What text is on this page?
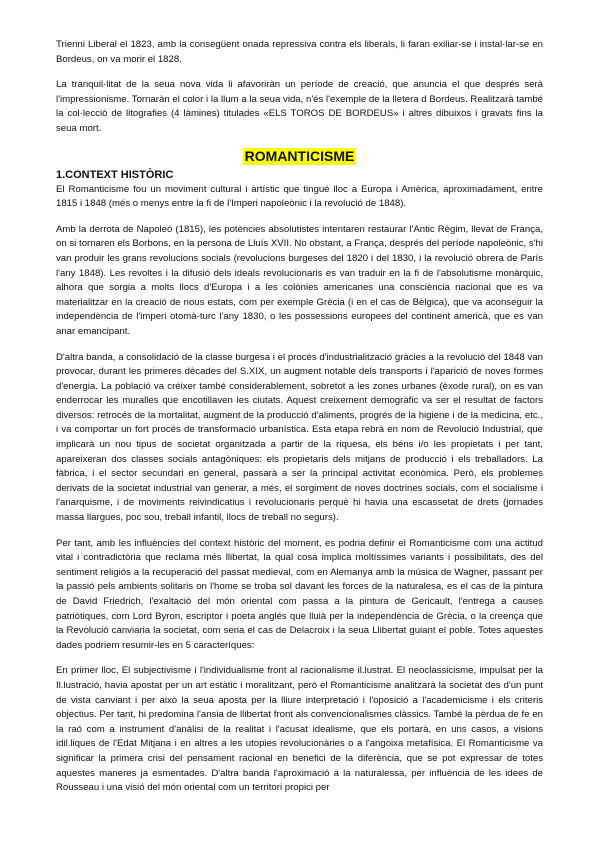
Trienni Liberal el 1823, amb la consegüent onada repressiva contra els liberals, li faran exiliar-se i instal·lar-se en Bordeus, on va morir el 1828.

La tranquil·litat de la seua nova vida li afavoriràn un període de creació, que anuncia el que després serà l'impressionisme. Tornaràn el color i la llum a la seua vida, n'és l'exemple de la lletera d Bordeus. Realitzarà també la col·lecció de litografies (4 làmines) titulades «ELS TOROS DE BORDEUS» i altres dibuixos i gravats fins la seua mort.

ROMANTICISME
1.CONTEXT HISTÒRIC

El Romanticisme fou un moviment cultural i artístic que tingué lloc a Europa i Amèrica, aproximadament, entre 1815 i 1848 (més o menys entre la fi de l'Imperi napoleònic i la revolució de 1848).

Amb la derrota de Napoleó (1815), les potències absolutistes intentaren restaurar l'Antic Règim, llevat de França, on si tornaren els Borbons, en la persona de Lluís XVII. No obstant, a França, després del període napoleònic, s'hi van produir les grans revolucions socials (revolucions burgeses del 1820 i del 1830, i la revolució obrera de París l'any 1848). Les revoltes i la difusió dels ideals revolucionaris es van traduir en la fi de l'absolutisme monàrquic, alhora que sorgia a molts llocs d'Europa i a les colònies americanes una consciència nacional que es va materialitzar en la creació de nous estats, com per exemple Grècia (i en el cas de Bèlgica), que va aconseguir la independència de l'imperi otomà-turc l'any 1830, o les possessions europees del continent americà, que es van anar emancipant.

D'altra banda, a consolidació de la classe burgesa i el procés d'industrialització gràcies a la revolució del 1848 van provocar, durant les primeres dècades del S.XIX, un augment notable dels transports i l'aparició de noves formes d'energia. La població va créixer també considerablement, sobretot a les zones urbanes (èxode rural), on es van enderrocar les muralles que encotillaven les ciutats. Aquest creixement demogràfic va ser el resultat de factors diversos: retrocés de la mortalitat, augment de la producció d'aliments, progrés de la higiene i de la medicina, etc., i va comportar un fort procés de transformació urbanística. Esta etapa rebrà en nom de Revolució Industrial, que implicarà un nou tipus de societat organitzada a partir de la riquesa, els béns i/o les propietats i per tant, apareixeran dos classes socials antagòniques: els propietaris dels mitjans de producció i els treballadors. La fàbrica, i el sector secundari en general, passarà a ser la principal activitat econòmica. Però, els problemes derivats de la societat industrial van generar, a més, el sorgiment de noves doctrines socials, com el socialisme i l'anarquisme, i de moviments reivindicatius i revolucionaris perquè hi havia una escassetat de drets (jornades massa llargues, poc sou, treball infantil, llocs de treball no segurs).

Per tant, amb les influències del context històric del moment, es podria definir el Romanticisme com una actitud vital i contradictòria que reclama més llibertat, la qual cosa implica moltíssimes variants i possibilitats, des del sentiment religiós a la recuperació del passat medieval, com en Alemanya amb la música de Wagner, passant per la passió pels ambients solitaris on l'home se troba sol davant les forces de la naturalesa, es el cas de la pintura de David Friedrich, l'exaltació del món oriental com passa a la pintura de Gericault, l'entrega a causes patriòtiques, com Lord Byron, escriptor i poeta anglés que lluià per la independència de Grècia, o la creença que la Revolució canviaria la societat, com seria el cas de Delacroix i la seua Llibertat guiant el poble. Totes aquestes dades podriem resumir-les en 5 caracteríques:

En primer lloc, El subjectivisme i l'individualisme front al racionalisme il.lustrat. El neoclassicisme, impulsat per la Il.lustració, havia apostat per un art estàtic i moralitzant, però el Romanticisme analitzarà la societat des d'un punt de vista canviant i per això la seua aposta per la lliure interpretació i l'oposició a l'academicisme i els criteris objectius. Per tant, hi predomina l'ansia de llibertat front als convencionalismes clàssics. També la pèrdua de fe en la raó com a instrument d'anàlisi de la realitat i l'acusat idealisme, que els portarà, en uns casos, a visions idil.liques de l'Edat Mitjana i en altres a les utopies revolucionàries o a l'angoixa metafísica. El Romanticisme va significar la primera crisi del pensament racional en benefici de la diferència, que se pot expressar de totes aquestes maneres ja esmentades. D'altra banda l'aproximació a la naturalessa, per influència de les idees de Rousseau i una visió del món oriental com un territori propici per
